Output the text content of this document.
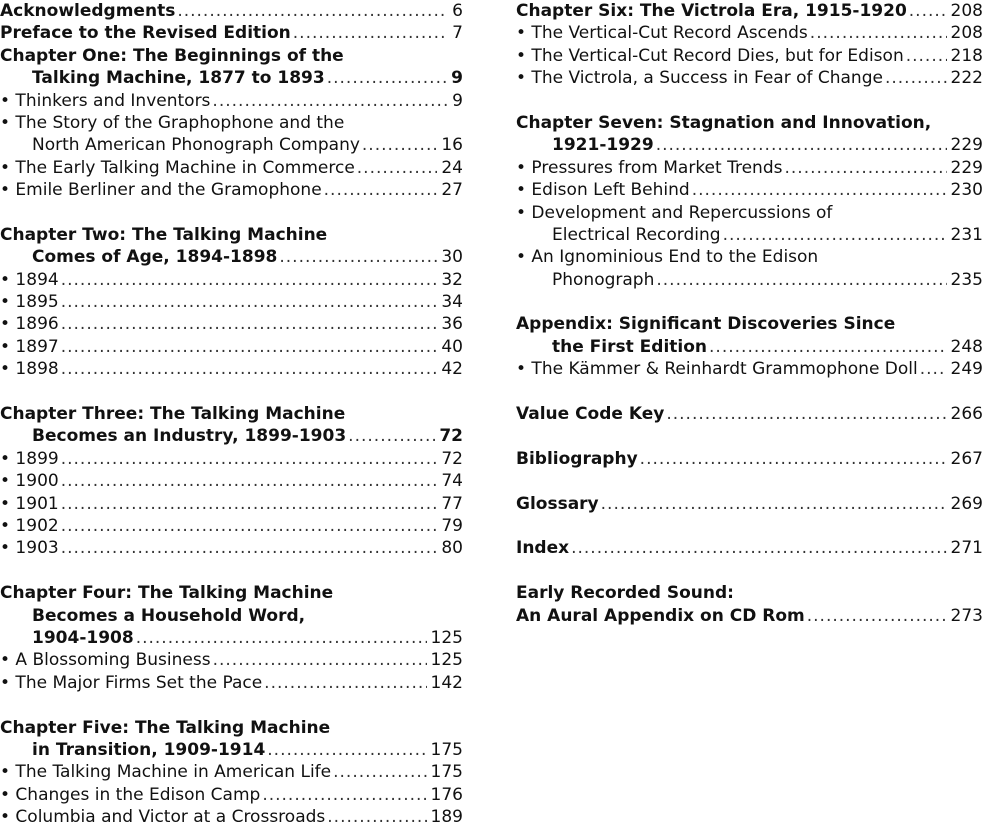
Acknowledgments .....	6
Preface to the Revised Edition .....	7
Chapter One: The Beginnings of the
Talking Machine, 1877 to 1893 .....	9
• Thinkers and Inventors .....	9
• The Story of the Graphophone and the
North American Phonograph Company .....	16
• The Early Talking Machine in Commerce .....	24
• Emile Berliner and the Gramophone .....	27
Chapter Two: The Talking Machine
Comes of Age, 1894-1898 .....	30
• 1894 .....	32
• 1895 .....	34
• 1896 .....	36
• 1897 .....	40
• 1898 .....	42
Chapter Three: The Talking Machine
Becomes an Industry, 1899-1903 .....	72
• 1899 .....	72
• 1900 .....	74
• 1901 .....	77
• 1902 .....	79
• 1903 .....	80
Chapter Four: The Talking Machine
Becomes a Household Word,
1904-1908 .....	125
• A Blossoming Business .....	125
• The Major Firms Set the Pace .....	142
Chapter Five: The Talking Machine
in Transition, 1909-1914 .....	175
• The Talking Machine in American Life .....	175
• Changes in the Edison Camp .....	176
• Columbia and Victor at a Crossroads .....	189
Chapter Six: The Victrola Era, 1915-1920 .....	208
• The Vertical-Cut Record Ascends .....	208
• The Vertical-Cut Record Dies, but for Edison .....	218
• The Victrola, a Success in Fear of Change .....	222
Chapter Seven: Stagnation and Innovation,
1921-1929 .....	229
• Pressures from Market Trends .....	229
• Edison Left Behind .....	230
• Development and Repercussions of
Electrical Recording .....	231
• An Ignominious End to the Edison
Phonograph .....	235
Appendix: Significant Discoveries Since
the First Edition .....	248
• The Kämmer & Reinhardt Grammophone Doll ..... 249
Value Code Key .....	266
Bibliography .....	267
Glossary .....	269
Index .....	271
Early Recorded Sound:
An Aural Appendix on CD Rom .....	273
